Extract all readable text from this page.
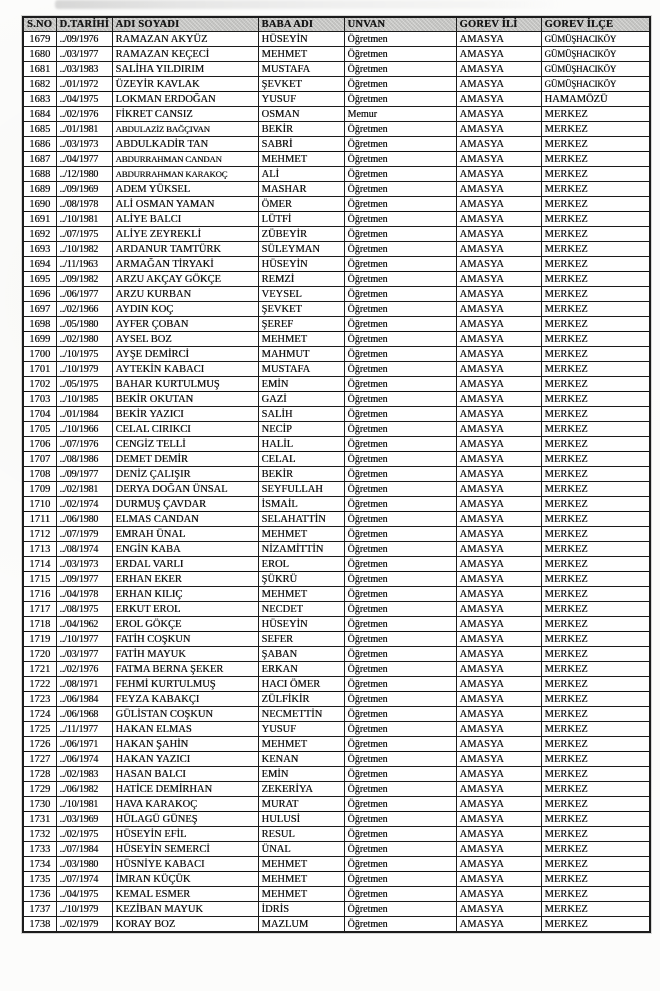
S.NO	D.TARİHİ	ADI SOYADI	BABA ADI	UNVAN	GOREV İLİ	GOREV İLÇE
1679	../09/1976	RAMAZAN AKYÜZ	HÜSEYİN	Öğretmen	AMASYA	GÜMÜŞHACIKÖY
1680	../03/1977	RAMAZAN KEÇECİ	MEHMET	Öğretmen	AMASYA	GÜMÜŞHACIKÖY
1681	../03/1983	SALİHA YILDIRIM	MUSTAFA	Öğretmen	AMASYA	GÜMÜŞHACIKÖY
1682	../01/1972	ÜZEYİR KAVLAK	ŞEVKET	Öğretmen	AMASYA	GÜMÜŞHACIKÖY
1683	../04/1975	LOKMAN ERDOĞAN	YUSUF	Öğretmen	AMASYA	HAMAMÖZÜ
1684	../02/1976	FİKRET CANSIZ	OSMAN	Memur	AMASYA	MERKEZ
1685	../01/1981	ABDULAZİZ BAĞÇIVAN	BEKİR	Öğretmen	AMASYA	MERKEZ
1686	../03/1973	ABDULKADİR TAN	SABRİ	Öğretmen	AMASYA	MERKEZ
1687	../04/1977	ABDURRAHMAN CANDAN	MEHMET	Öğretmen	AMASYA	MERKEZ
1688	../12/1980	ABDURRAHMAN KARAKOÇ	ALİ	Öğretmen	AMASYA	MERKEZ
1689	../09/1969	ADEM YÜKSEL	MASHAR	Öğretmen	AMASYA	MERKEZ
1690	../08/1978	ALİ OSMAN YAMAN	ÖMER	Öğretmen	AMASYA	MERKEZ
1691	../10/1981	ALİYE BALCI	LÜTFİ	Öğretmen	AMASYA	MERKEZ
1692	../07/1975	ALİYE ZEYREKLİ	ZÜBEYİR	Öğretmen	AMASYA	MERKEZ
1693	../10/1982	ARDANUR TAMTÜRK	SÜLEYMAN	Öğretmen	AMASYA	MERKEZ
1694	../11/1963	ARMAĞAN TİRYAKİ	HÜSEYİN	Öğretmen	AMASYA	MERKEZ
1695	../09/1982	ARZU AKÇAY GÖKÇE	REMZİ	Öğretmen	AMASYA	MERKEZ
1696	../06/1977	ARZU KURBAN	VEYSEL	Öğretmen	AMASYA	MERKEZ
1697	../02/1966	AYDIN KOÇ	ŞEVKET	Öğretmen	AMASYA	MERKEZ
1698	../05/1980	AYFER ÇOBAN	ŞEREF	Öğretmen	AMASYA	MERKEZ
1699	../02/1980	AYSEL BOZ	MEHMET	Öğretmen	AMASYA	MERKEZ
1700	../10/1975	AYŞE DEMİRCİ	MAHMUT	Öğretmen	AMASYA	MERKEZ
1701	../10/1979	AYTEKİN KABACI	MUSTAFA	Öğretmen	AMASYA	MERKEZ
1702	../05/1975	BAHAR KURTULMUŞ	EMİN	Öğretmen	AMASYA	MERKEZ
1703	../10/1985	BEKİR OKUTAN	GAZİ	Öğretmen	AMASYA	MERKEZ
1704	../01/1984	BEKİR YAZICI	SALİH	Öğretmen	AMASYA	MERKEZ
1705	../10/1966	CELAL CIRIKCI	NECİP	Öğretmen	AMASYA	MERKEZ
1706	../07/1976	CENGİZ TELLİ	HALİL	Öğretmen	AMASYA	MERKEZ
1707	../08/1986	DEMET DEMİR	CELAL	Öğretmen	AMASYA	MERKEZ
1708	../09/1977	DENİZ ÇALIŞIR	BEKİR	Öğretmen	AMASYA	MERKEZ
1709	../02/1981	DERYA DOĞAN ÜNSAL	SEYFULLAH	Öğretmen	AMASYA	MERKEZ
1710	../02/1974	DURMUŞ ÇAVDAR	İSMAİL	Öğretmen	AMASYA	MERKEZ
1711	../06/1980	ELMAS CANDAN	SELAHATTİN	Öğretmen	AMASYA	MERKEZ
1712	../07/1979	EMRAH ÜNAL	MEHMET	Öğretmen	AMASYA	MERKEZ
1713	../08/1974	ENGİN KABA	NİZAMİTTİN	Öğretmen	AMASYA	MERKEZ
1714	../03/1973	ERDAL VARLI	EROL	Öğretmen	AMASYA	MERKEZ
1715	../09/1977	ERHAN EKER	ŞÜKRÜ	Öğretmen	AMASYA	MERKEZ
1716	../04/1978	ERHAN KILIÇ	MEHMET	Öğretmen	AMASYA	MERKEZ
1717	../08/1975	ERKUT EROL	NECDET	Öğretmen	AMASYA	MERKEZ
1718	../04/1962	EROL GÖKÇE	HÜSEYİN	Öğretmen	AMASYA	MERKEZ
1719	../10/1977	FATİH COŞKUN	SEFER	Öğretmen	AMASYA	MERKEZ
1720	../03/1977	FATİH MAYUK	ŞABAN	Öğretmen	AMASYA	MERKEZ
1721	../02/1976	FATMA BERNA ŞEKER	ERKAN	Öğretmen	AMASYA	MERKEZ
1722	../08/1971	FEHMİ KURTULMUŞ	HACI ÖMER	Öğretmen	AMASYA	MERKEZ
1723	../06/1984	FEYZA KABAKÇI	ZÜLFİKİR	Öğretmen	AMASYA	MERKEZ
1724	../06/1968	GÜLİSTAN COŞKUN	NECMETTİN	Öğretmen	AMASYA	MERKEZ
1725	../11/1977	HAKAN ELMAS	YUSUF	Öğretmen	AMASYA	MERKEZ
1726	../06/1971	HAKAN ŞAHİN	MEHMET	Öğretmen	AMASYA	MERKEZ
1727	../06/1974	HAKAN YAZICI	KENAN	Öğretmen	AMASYA	MERKEZ
1728	../02/1983	HASAN BALCI	EMİN	Öğretmen	AMASYA	MERKEZ
1729	../06/1982	HATİCE DEMİRHAN	ZEKERİYA	Öğretmen	AMASYA	MERKEZ
1730	../10/1981	HAVA KARAKOÇ	MURAT	Öğretmen	AMASYA	MERKEZ
1731	../03/1969	HÜLAGÜ GÜNEŞ	HULUSİ	Öğretmen	AMASYA	MERKEZ
1732	../02/1975	HÜSEYİN EFİL	RESUL	Öğretmen	AMASYA	MERKEZ
1733	../07/1984	HÜSEYİN SEMERCİ	ÜNAL	Öğretmen	AMASYA	MERKEZ
1734	../03/1980	HÜSNİYE KABACI	MEHMET	Öğretmen	AMASYA	MERKEZ
1735	../07/1974	İMRAN KÜÇÜK	MEHMET	Öğretmen	AMASYA	MERKEZ
1736	../04/1975	KEMAL ESMER	MEHMET	Öğretmen	AMASYA	MERKEZ
1737	../10/1979	KEZİBAN MAYUK	İDRİS	Öğretmen	AMASYA	MERKEZ
1738	../02/1979	KORAY BOZ	MAZLUM	Öğretmen	AMASYA	MERKEZ
